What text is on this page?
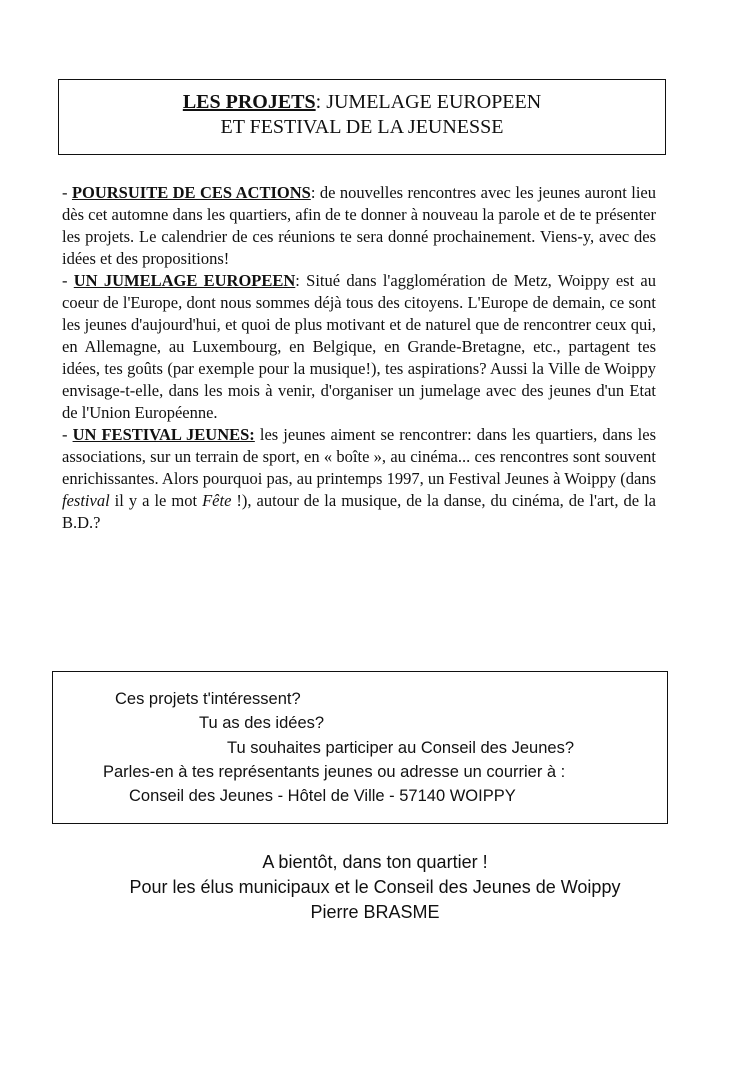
LES PROJETS: JUMELAGE EUROPEEN
ET FESTIVAL DE LA JEUNESSE

- POURSUITE DE CES ACTIONS: de nouvelles rencontres avec les jeunes auront lieu dès cet automne dans les quartiers, afin de te donner à nouveau la parole et de te présenter les projets. Le calendrier de ces réunions te sera donné prochainement. Viens-y, avec des idées et des propositions!

- UN JUMELAGE EUROPEEN: Situé dans l'agglomération de Metz, Woippy est au coeur de l'Europe, dont nous sommes déjà tous des citoyens. L'Europe de demain, ce sont les jeunes d'aujourd'hui, et quoi de plus motivant et de naturel que de rencontrer ceux qui, en Allemagne, au Luxembourg, en Belgique, en Grande-Bretagne, etc., partagent tes idées, tes goûts (par exemple pour la musique!), tes aspirations? Aussi la Ville de Woippy envisage-t-elle, dans les mois à venir, d'organiser un jumelage avec des jeunes d'un Etat de l'Union Européenne.

- UN FESTIVAL JEUNES: les jeunes aiment se rencontrer: dans les quartiers, dans les associations, sur un terrain de sport, en « boîte », au cinéma... ces rencontres sont souvent enrichissantes. Alors pourquoi pas, au printemps 1997, un Festival Jeunes à Woippy (dans festival il y a le mot Fête !), autour de la musique, de la danse, du cinéma, de l'art, de la B.D.?

Ces projets t'intéressent?
Tu as des idées?
Tu souhaites participer au Conseil des Jeunes?
Parles-en à tes représentants jeunes ou adresse un courrier à :
Conseil des Jeunes - Hôtel de Ville - 57140 WOIPPY
A bientôt, dans ton quartier !
Pour les élus municipaux et le Conseil des Jeunes de Woippy
Pierre BRASME
